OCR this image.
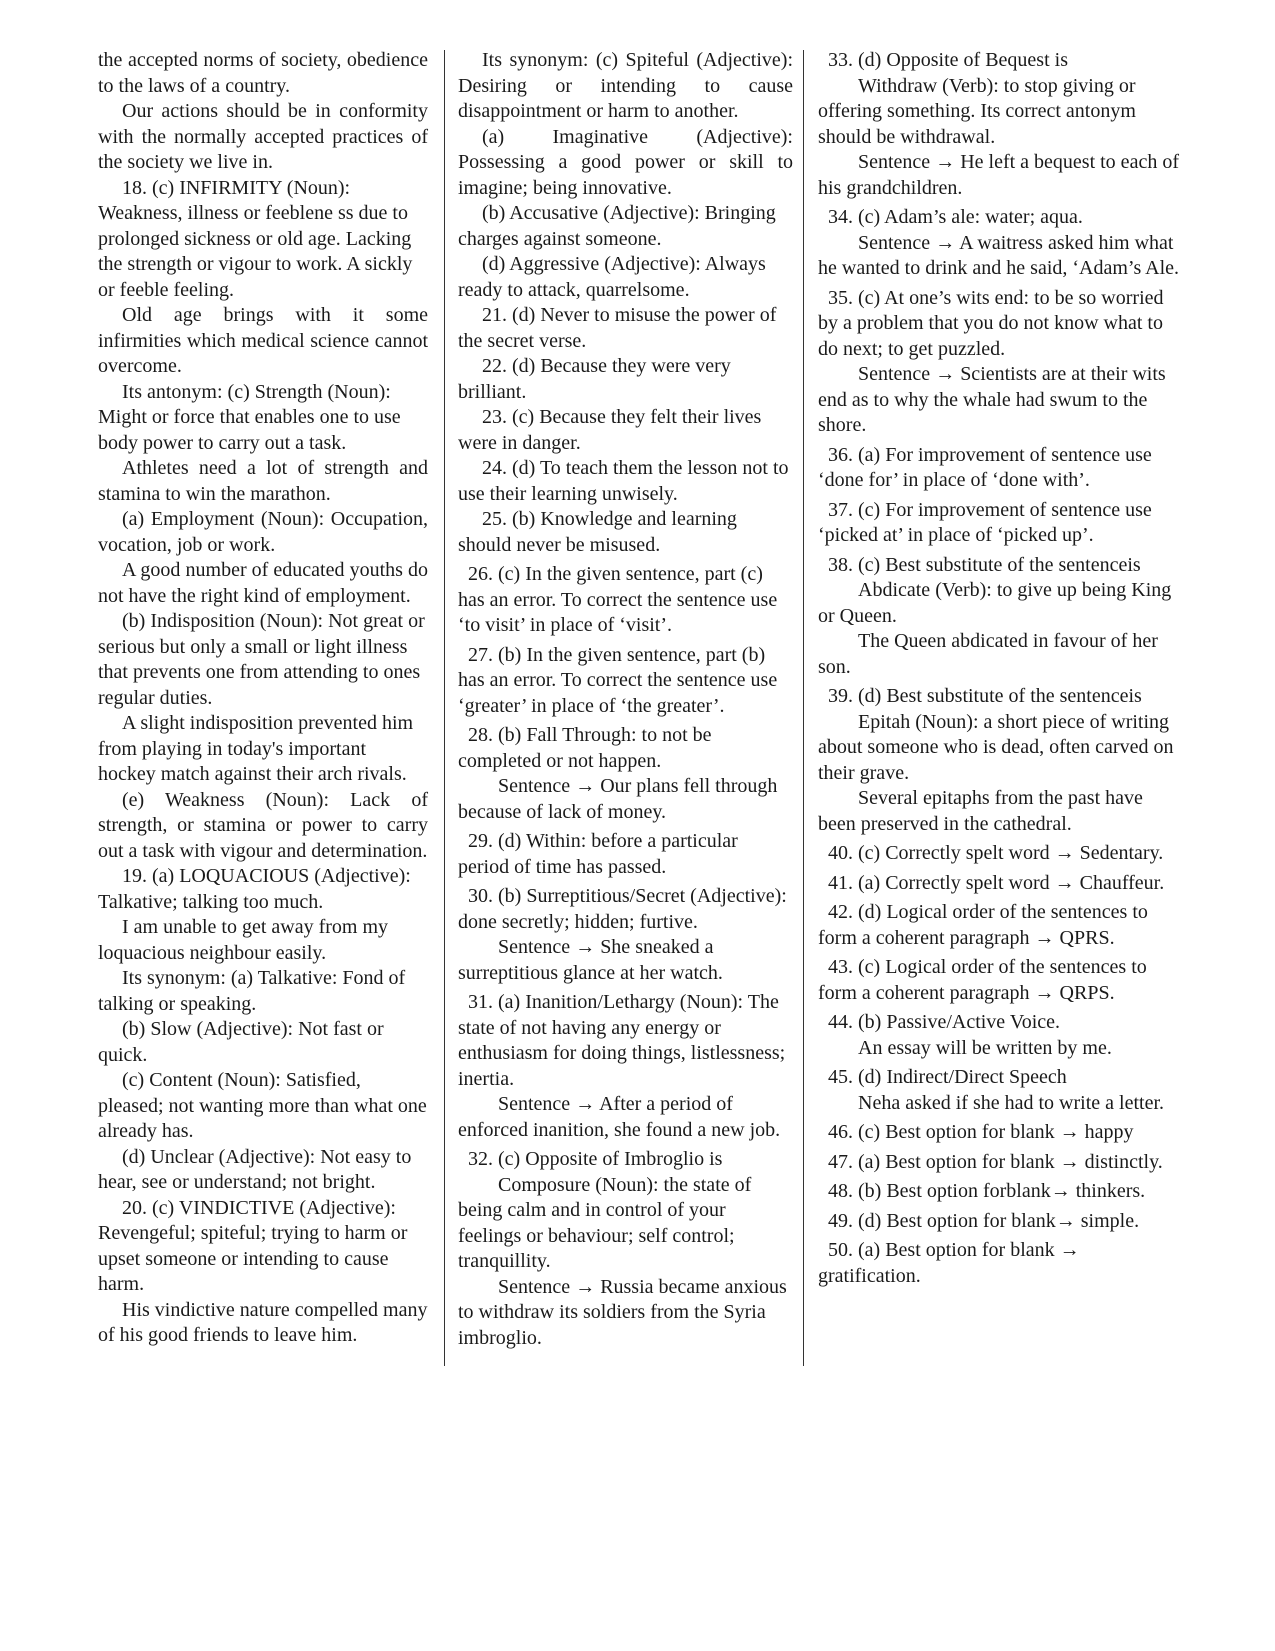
the accepted norms of society, obedience to the laws of a country.

Our actions should be in conformity with the normally accepted practices of the society we live in.

18. (c) INFIRMITY (Noun): Weakness, illness or feeblene ss due to prolonged sickness or old age. Lacking the strength or vigour to work. A sickly or feeble feeling.

Old age brings with it some infirmities which medical science cannot overcome.

Its antonym: (c) Strength (Noun): Might or force that enables one to use body power to carry out a task.

Athletes need a lot of strength and stamina to win the marathon.

(a) Employment (Noun): Occupation, vocation, job or work.

A good number of educated youths do not have the right kind of employment.

(b) Indisposition (Noun): Not great or serious but only a small or light illness that prevents one from attending to ones regular duties.

A slight indisposition prevented him from playing in today's important hockey match against their arch rivals.

(e) Weakness (Noun): Lack of strength, or stamina or power to carry out a task with vigour and determination.

19. (a) LOQUACIOUS (Adjective): Talkative; talking too much.

I am unable to get away from my loquacious neighbour easily.

Its synonym: (a) Talkative: Fond of talking or speaking.

(b) Slow (Adjective): Not fast or quick.

(c) Content (Noun): Satisfied, pleased; not wanting more than what one already has.

(d) Unclear (Adjective): Not easy to hear, see or understand; not bright.

20. (c) VINDICTIVE (Adjective): Revengeful; spiteful; trying to harm or upset someone or intending to cause harm.

His vindictive nature compelled many of his good friends to leave him.

Its synonym: (c) Spiteful (Adjective): Desiring or intending to cause disappointment or harm to another.

(a) Imaginative (Adjective): Possessing a good power or skill to imagine; being innovative.

(b) Accusative (Adjective): Bringing charges against someone.

(d) Aggressive (Adjective): Always ready to attack, quarrelsome.

21. (d) Never to misuse the power of the secret verse.

22. (d) Because they were very brilliant.

23. (c) Because they felt their lives were in danger.

24. (d) To teach them the lesson not to use their learning unwisely.

25. (b) Knowledge and learning should never be misused.

26. (c) In the given sentence, part (c) has an error. To correct the sentence use ‘to visit’ in place of ‘visit’.

27. (b) In the given sentence, part (b) has an error. To correct the sentence use ‘greater’ in place of ‘the greater’.

28. (b) Fall Through: to not be completed or not happen.

Sentence → Our plans fell through because of lack of money.

29. (d) Within: before a particular period of time has passed.

30. (b) Surreptitious/Secret (Adjective): done secretly; hidden; furtive.

Sentence → She sneaked a surreptitious glance at her watch.

31. (a) Inanition/Lethargy (Noun): The state of not having any energy or enthusiasm for doing things, listlessness; inertia.

Sentence → After a period of enforced inanition, she found a new job.

32. (c) Opposite of Imbroglio is

Composure (Noun): the state of being calm and in control of your feelings or behaviour; self control; tranquillity.

Sentence → Russia became anxious to withdraw its soldiers from the Syria imbroglio.

33. (d) Opposite of Bequest is

Withdraw (Verb): to stop giving or offering something. Its correct antonym should be withdrawal.

Sentence → He left a bequest to each of his grandchildren.

34. (c) Adam’s ale: water; aqua.

Sentence → A waitress asked him what he wanted to drink and he said, ‘Adam’s Ale.

35. (c) At one’s wits end: to be so worried by a problem that you do not know what to do next; to get puzzled.

Sentence → Scientists are at their wits end as to why the whale had swum to the shore.

36. (a) For improvement of sentence use ‘done for’ in place of ‘done with’.

37. (c) For improvement of sentence use ‘picked at’ in place of ‘picked up’.

38. (c) Best substitute of the sentenceis

Abdicate (Verb): to give up being King or Queen.

The Queen abdicated in favour of her son.

39. (d) Best substitute of the sentenceis

Epitah (Noun): a short piece of writing about someone who is dead, often carved on their grave.

Several epitaphs from the past have been preserved in the cathedral.

40. (c) Correctly spelt word → Sedentary.

41. (a) Correctly spelt word → Chauffeur.

42. (d) Logical order of the sentences to form a coherent paragraph → QPRS.

43. (c) Logical order of the sentences to form a coherent paragraph → QRPS.

44. (b) Passive/Active Voice.

An essay will be written by me.

45. (d) Indirect/Direct Speech

Neha asked if she had to write a letter.

46. (c) Best option for blank → happy

47. (a) Best option for blank → distinctly.

48. (b) Best option forblank→ thinkers.

49. (d) Best option for blank→ simple.

50. (a) Best option for blank → gratification.
